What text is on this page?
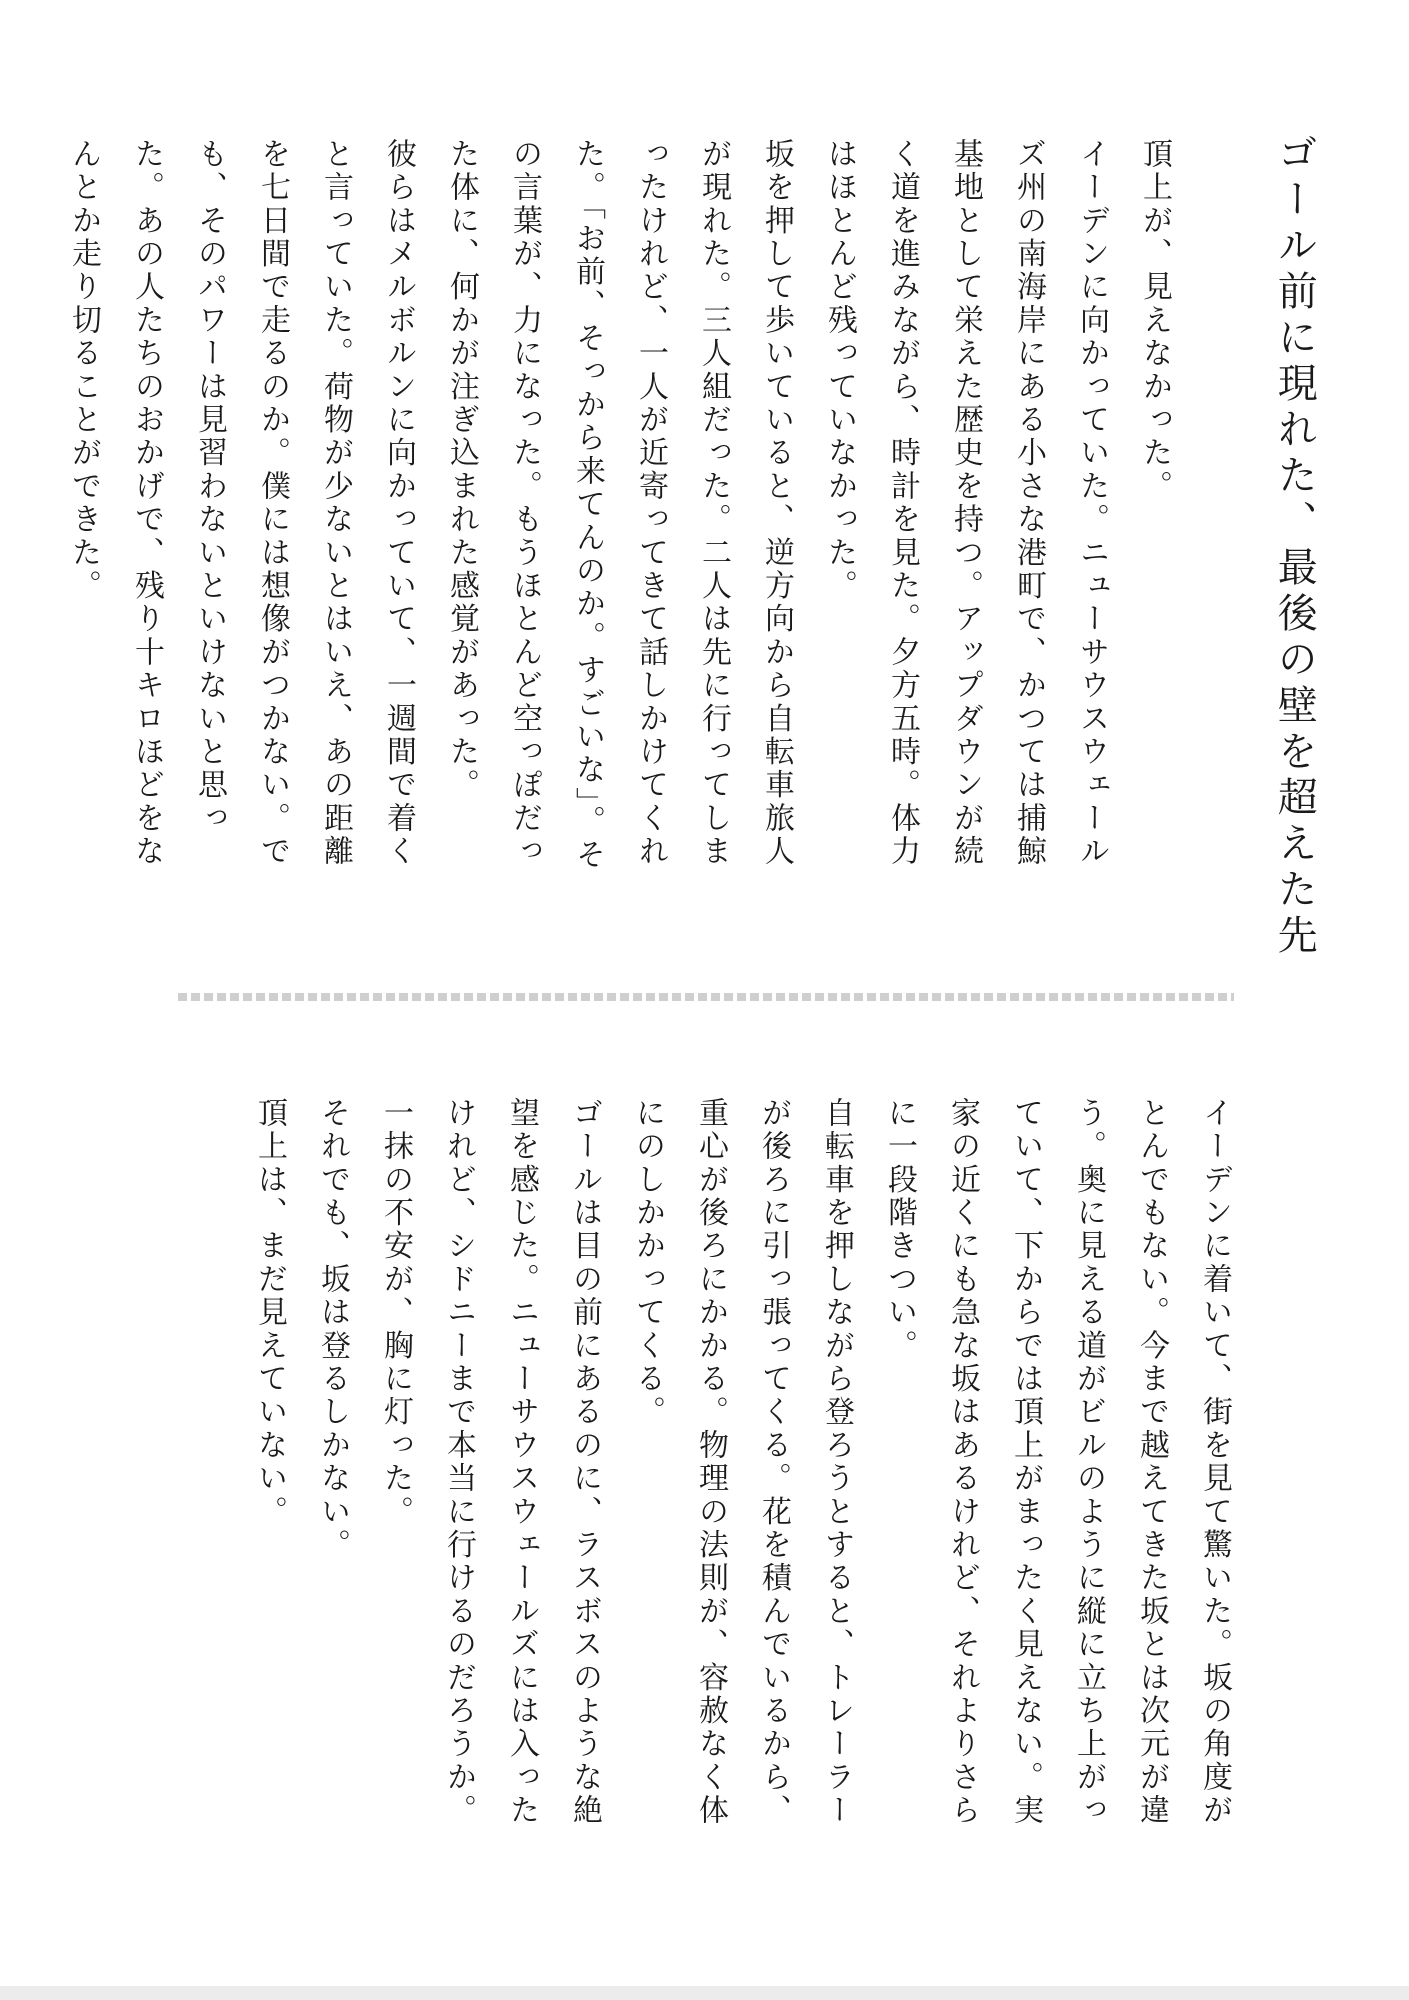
ゴール前に現れた、最後の壁を超えた先

頂上が、見えなかった。

イーデンに向かっていた。ニューサウスウェール

ズ州の南海岸にある小さな港町で、かつては捕鯨

基地として栄えた歴史を持つ。アップダウンが続

く道を進みながら、時計を見た。夕方五時。体力

はほとんど残っていなかった。

坂を押して歩いていると、逆方向から自転車旅人

が現れた。三人組だった。二人は先に行ってしま

ったけれど、一人が近寄ってきて話しかけてくれ

た。「お前、そっから来てんのか。すごいな」。そ

の言葉が、力になった。もうほとんど空っぽだっ

た体に、何かが注ぎ込まれた感覚があった。

彼らはメルボルンに向かっていて、一週間で着く

と言っていた。荷物が少ないとはいえ、あの距離

を七日間で走るのか。僕には想像がつかない。で

も、そのパワーは見習わないといけないと思っ

た。あの人たちのおかげで、残り十キロほどをな

んとか走り切ることができた。

イーデンに着いて、街を見て驚いた。坂の角度が

とんでもない。今まで越えてきた坂とは次元が違

う。奥に見える道がビルのように縦に立ち上がっ

ていて、下からでは頂上がまったく見えない。実

家の近くにも急な坂はあるけれど、それよりさら

に一段階きつい。

自転車を押しながら登ろうとすると、トレーラー

が後ろに引っ張ってくる。花を積んでいるから、

重心が後ろにかかる。物理の法則が、容赦なく体

にのしかかってくる。

ゴールは目の前にあるのに、ラスボスのような絶

望を感じた。ニューサウスウェールズには入った

けれど、シドニーまで本当に行けるのだろうか。

一抹の不安が、胸に灯った。

それでも、坂は登るしかない。

頂上は、まだ見えていない。
